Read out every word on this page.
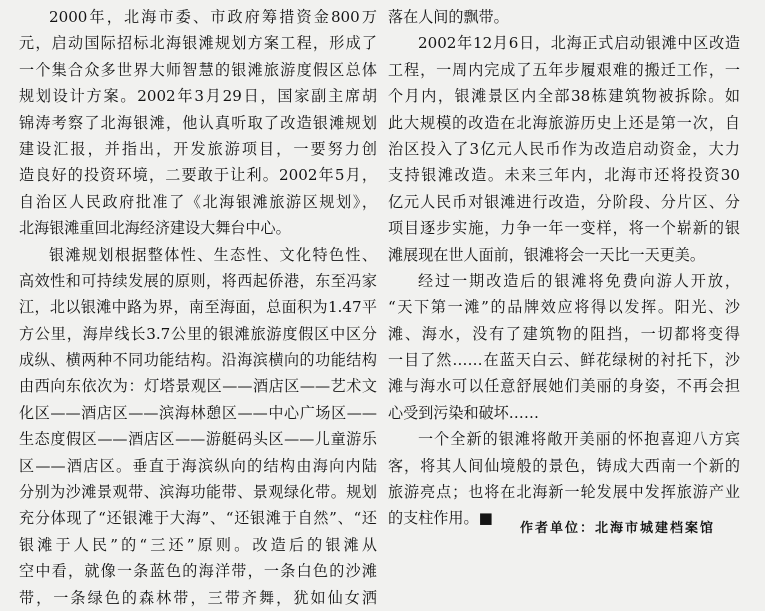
2000年，北海市委、市政府筹措资金800万
元，启动国际招标北海银滩规划方案工程，形成了
一个集合众多世界大师智慧的银滩旅游度假区总体
规划设计方案。2002年3月29日，国家副主席胡
锦涛考察了北海银滩，他认真听取了改造银滩规划
建设汇报，并指出，开发旅游项目，一要努力创
造良好的投资环境，二要敢于让利。2002年5月，
自治区人民政府批准了《北海银滩旅游区规划》，
北海银滩重回北海经济建设大舞台中心。
银滩规划根据整体性、生态性、文化特色性、
高效性和可持续发展的原则，将西起侨港，东至冯家
江，北以银滩中路为界，南至海面，总面积为1.47平
方公里，海岸线长3.7公里的银滩旅游度假区中区分
成纵、横两种不同功能结构。沿海滨横向的功能结构
由西向东依次为：灯塔景观区——酒店区——艺术文
化区——酒店区——滨海林憩区——中心广场区——
生态度假区——酒店区——游艇码头区——儿童游乐
区——酒店区。垂直于海滨纵向的结构由海向内陆
分别为沙滩景观带、滨海功能带、景观绿化带。规划
充分体现了“还银滩于大海”、“还银滩于自然”、“还
银滩于人民”的“三还”原则。改造后的银滩从
空中看，就像一条蓝色的海洋带，一条白色的沙滩
带，一条绿色的森林带，三带齐舞，犹如仙女洒
落在人间的飘带。
2002年12月6日，北海正式启动银滩中区改造
工程，一周内完成了五年步履艰难的搬迁工作，一
个月内，银滩景区内全部38栋建筑物被拆除。如
此大规模的改造在北海旅游历史上还是第一次，自
治区投入了3亿元人民币作为改造启动资金，大力
支持银滩改造。未来三年内，北海市还将投资30
亿元人民币对银滩进行改造，分阶段、分片区、分
项目逐步实施，力争一年一变样，将一个崭新的银
滩展现在世人面前，银滩将会一天比一天更美。
经过一期改造后的银滩将免费向游人开放，
“天下第一滩”的品牌效应将得以发挥。阳光、沙
滩、海水，没有了建筑物的阻挡，一切都将变得
一目了然……在蓝天白云、鲜花绿树的衬托下，沙
滩与海水可以任意舒展她们美丽的身姿，不再会担
心受到污染和破坏……
一个全新的银滩将敞开美丽的怀抱喜迎八方宾
客，将其人间仙境般的景色，铸成大西南一个新的
旅游亮点；也将在北海新一轮发展中发挥旅游产业
的支柱作用。■
作者单位：北海市城建档案馆
